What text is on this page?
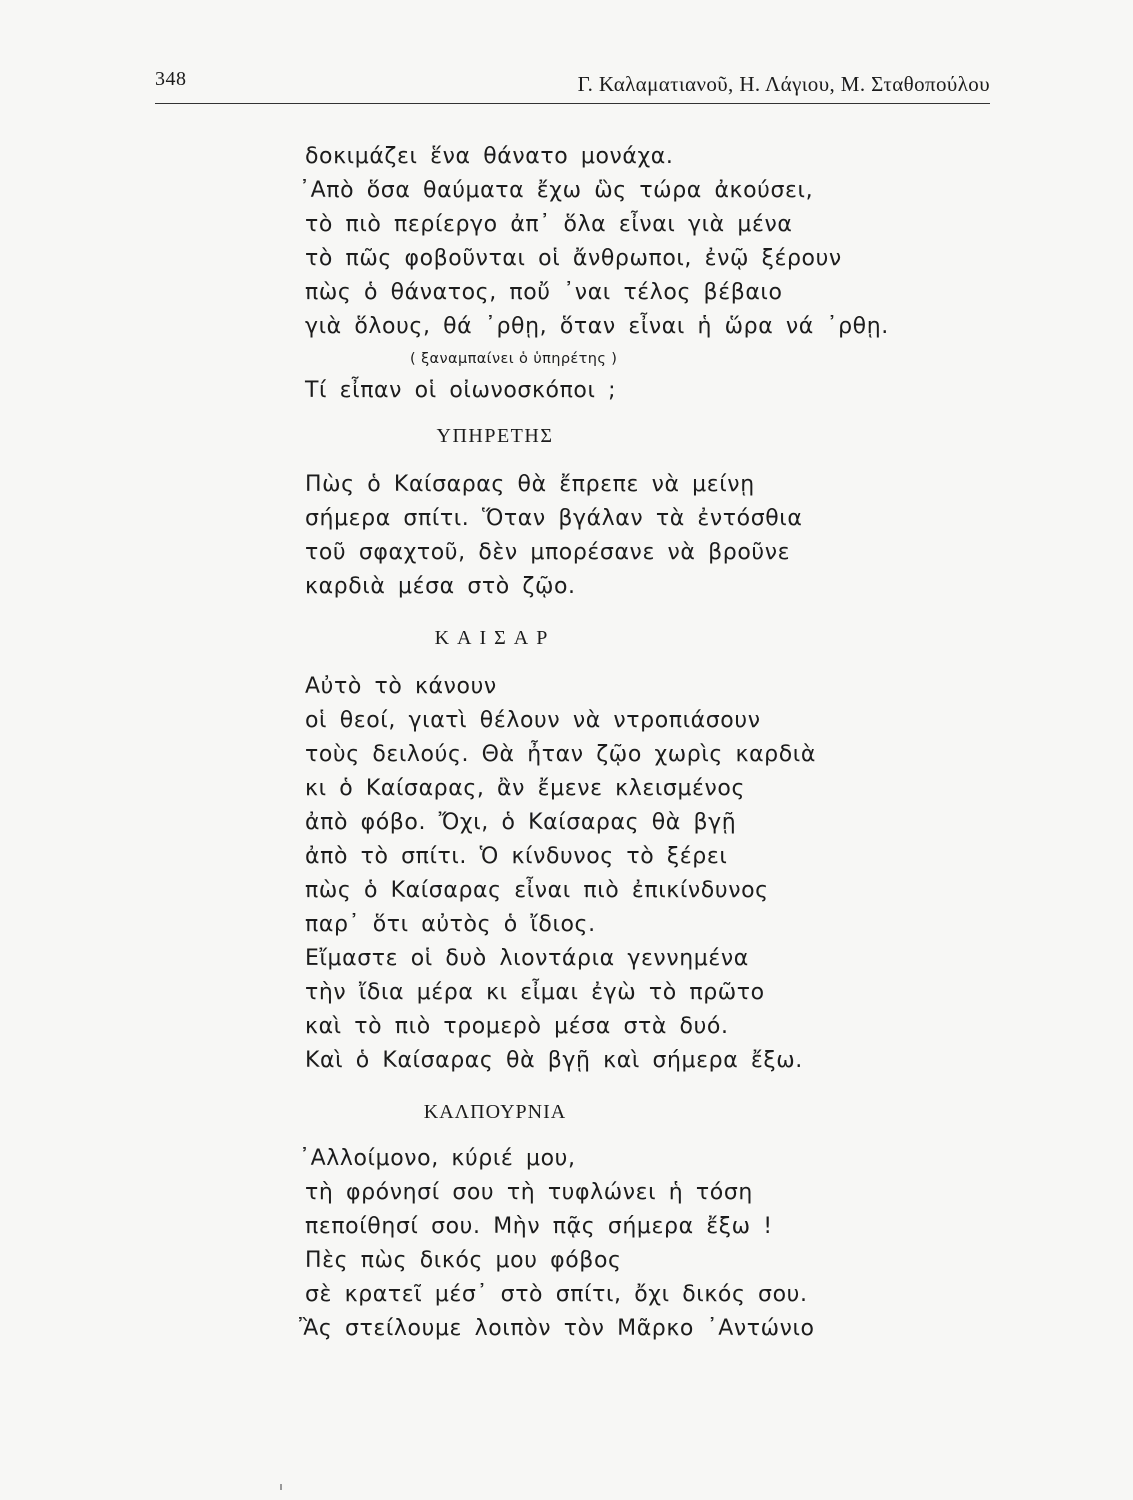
348	Γ. Καλαματιανοῦ, Η. Λάγιου, Μ. Σταθοπούλου
δοκιμάζει ἕνα θάνατο μονάχα.
᾿Απὸ ὅσα θαύματα ἔχω ὣς τώρα ἀκούσει,
τὸ πιὸ περίεργο ἀπ᾿ ὅλα εἶναι γιὰ μένα
τὸ πῶς φοβοῦνται οἱ ἄνθρωποι, ἐνῷ ξέρουν
πὼς ὁ θάνατος, ποὔ ᾿ναι τέλος βέβαιο
γιὰ ὅλους, θά ᾿ρθῃ, ὅταν εἶναι ἡ ὥρα νά ᾿ρθῃ.
( ξαναμπαίνει ὁ ὑπηρέτης )
Τί εἶπαν οἱ οἰωνοσκόποι ;
ΥΠΗΡΕΤΗΣ
Πὼς ὁ Καίσαρας θὰ ἔπρεπε νὰ μείνῃ
σήμερα σπίτι. Ὅταν βγάλαν τὰ ἐντόσθια
τοῦ σφαχτοῦ, δὲν μπορέσανε νὰ βροῦνε
καρδιὰ μέσα στὸ ζῷο.
ΚΑΙΣΑΡ
Αὐτὸ τὸ κάνουν
οἱ θεοί, γιατὶ θέλουν νὰ ντροπιάσουν
τοὺς δειλούς. Θὰ ἦταν ζῷο χωρὶς καρδιὰ
κι ὁ Καίσαρας, ἂν ἔμενε κλεισμένος
ἀπὸ φόβο. Ὄχι, ὁ Καίσαρας θὰ βγῇ
ἀπὸ τὸ σπίτι. Ὁ κίνδυνος τὸ ξέρει
πὼς ὁ Καίσαρας εἶναι πιὸ ἐπικίνδυνος
παρ᾿ ὅτι αὐτὸς ὁ ἴδιος.
Εἴμαστε οἱ δυὸ λιοντάρια γεννημένα
τὴν ἴδια μέρα κι εἶμαι ἐγὼ τὸ πρῶτο
καὶ τὸ πιὸ τρομερὸ μέσα στὰ δυό.
Καὶ ὁ Καίσαρας θὰ βγῇ καὶ σήμερα ἔξω.
ΚΑΛΠΟΥΡΝΙΑ
᾿Αλλοίμονο, κύριέ μου,
τὴ φρόνησί σου τὴ τυφλώνει ἡ τόση
πεποίθησί σου. Μὴν πᾷς σήμερα ἔξω !
Πὲς πὼς δικός μου φόβος
σὲ κρατεῖ μέσ᾿ στὸ σπίτι, ὄχι δικός σου.
Ἂς στείλουμε λοιπὸν τὸν Μᾶρκο ᾿Αντώνιο
